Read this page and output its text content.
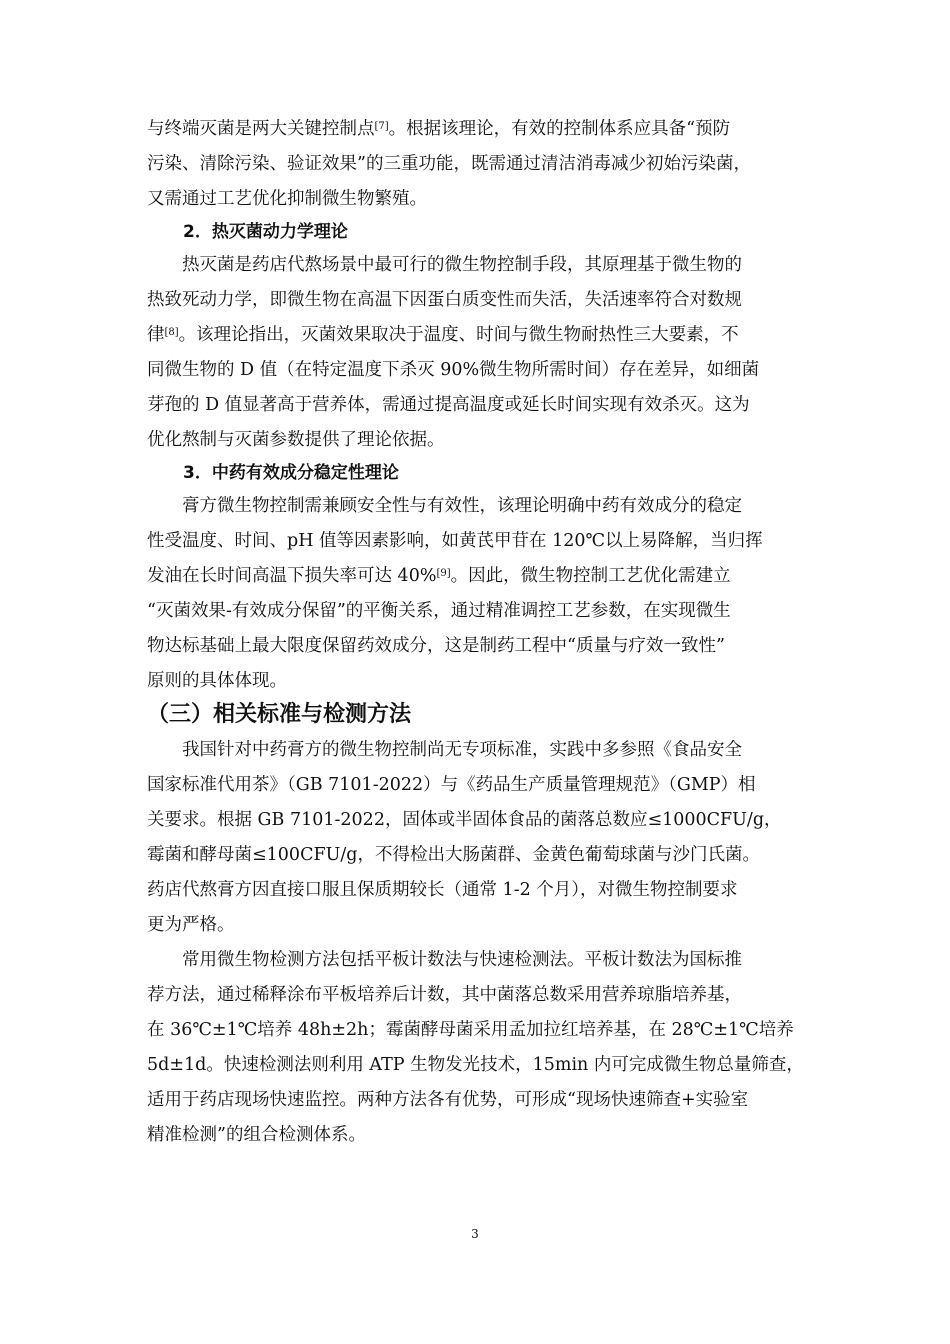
与终端灭菌是两大关键控制点[7]。根据该理论，有效的控制体系应具备“预防
污染、清除污染、验证效果”的三重功能，既需通过清洁消毒减少初始污染菌，
又需通过工艺优化抑制微生物繁殖。
2．热灭菌动力学理论
　　热灭菌是药店代熬场景中最可行的微生物控制手段，其原理基于微生物的
热致死动力学，即微生物在高温下因蛋白质变性而失活，失活速率符合对数规
律[8]。该理论指出，灭菌效果取决于温度、时间与微生物耐热性三大要素，不
同微生物的 D 值（在特定温度下杀灭 90%微生物所需时间）存在差异，如细菌
芽孢的 D 值显著高于营养体，需通过提高温度或延长时间实现有效杀灭。这为
优化熬制与灭菌参数提供了理论依据。
3．中药有效成分稳定性理论
　　膏方微生物控制需兼顾安全性与有效性，该理论明确中药有效成分的稳定
性受温度、时间、pH 值等因素影响，如黄芪甲苷在 120℃以上易降解，当归挥
发油在长时间高温下损失率可达 40%[9]。因此，微生物控制工艺优化需建立
“灭菌效果-有效成分保留”的平衡关系，通过精准调控工艺参数，在实现微生
物达标基础上最大限度保留药效成分，这是制药工程中“质量与疗效一致性”
原则的具体体现。
（三）相关标准与检测方法
　　我国针对中药膏方的微生物控制尚无专项标准，实践中多参照《食品安全
国家标准代用茶》（GB 7101-2022）与《药品生产质量管理规范》（GMP）相
关要求。根据 GB 7101-2022，固体或半固体食品的菌落总数应≤1000CFU/g，
霉菌和酵母菌≤100CFU/g，不得检出大肠菌群、金黄色葡萄球菌与沙门氏菌。
药店代熬膏方因直接口服且保质期较长（通常 1-2 个月），对微生物控制要求
更为严格。
　　常用微生物检测方法包括平板计数法与快速检测法。平板计数法为国标推
荐方法，通过稀释涂布平板培养后计数，其中菌落总数采用营养琼脂培养基，
在 36℃±1℃培养 48h±2h；霉菌酵母菌采用孟加拉红培养基，在 28℃±1℃培养
5d±1d。快速检测法则利用 ATP 生物发光技术，15min 内可完成微生物总量筛查，
适用于药店现场快速监控。两种方法各有优势，可形成“现场快速筛查+实验室
精准检测”的组合检测体系。
3
